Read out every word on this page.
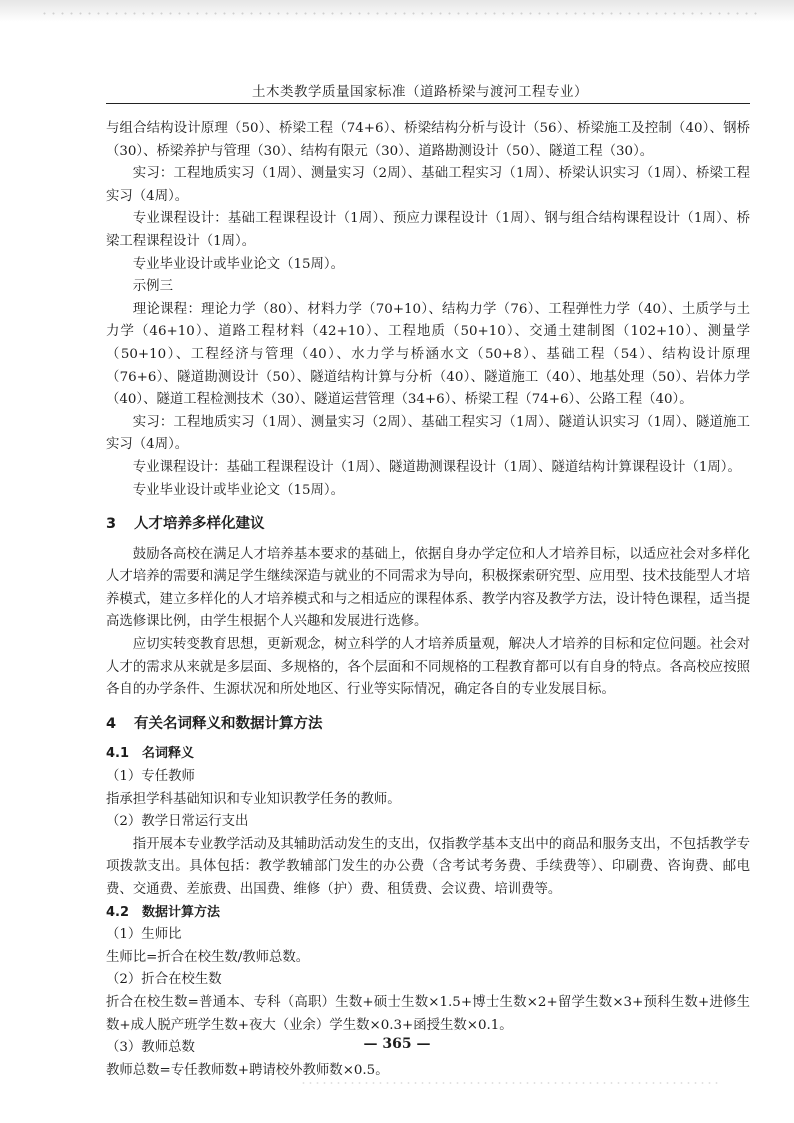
土木类教学质量国家标准（道路桥梁与渡河工程专业）

与组合结构设计原理（50）、桥梁工程（74+6）、桥梁结构分析与设计（56）、桥梁施工及控制（40）、钢桥（30）、桥梁养护与管理（30）、结构有限元（30）、道路勘测设计（50）、隧道工程（30）。

实习：工程地质实习（1周）、测量实习（2周）、基础工程实习（1周）、桥梁认识实习（1周）、桥梁工程实习（4周）。

专业课程设计：基础工程课程设计（1周）、预应力课程设计（1周）、钢与组合结构课程设计（1周）、桥梁工程课程设计（1周）。

专业毕业设计或毕业论文（15周）。

示例三

理论课程：理论力学（80）、材料力学（70+10）、结构力学（76）、工程弹性力学（40）、土质学与土力学（46+10）、道路工程材料（42+10）、工程地质（50+10）、交通土建制图（102+10）、测量学（50+10）、工程经济与管理（40）、水力学与桥涵水文（50+8）、基础工程（54）、结构设计原理（76+6）、隧道勘测设计（50）、隧道结构计算与分析（40）、隧道施工（40）、地基处理（50）、岩体力学（40）、隧道工程检测技术（30）、隧道运营管理（34+6）、桥梁工程（74+6）、公路工程（40）。

实习：工程地质实习（1周）、测量实习（2周）、基础工程实习（1周）、隧道认识实习（1周）、隧道施工实习（4周）。

专业课程设计：基础工程课程设计（1周）、隧道勘测课程设计（1周）、隧道结构计算课程设计（1周）。

专业毕业设计或毕业论文（15周）。

3 人才培养多样化建议

鼓励各高校在满足人才培养基本要求的基础上，依据自身办学定位和人才培养目标，以适应社会对多样化人才培养的需要和满足学生继续深造与就业的不同需求为导向，积极探索研究型、应用型、技术技能型人才培养模式，建立多样化的人才培养模式和与之相适应的课程体系、教学内容及教学方法，设计特色课程，适当提高选修课比例，由学生根据个人兴趣和发展进行选修。

应切实转变教育思想，更新观念，树立科学的人才培养质量观，解决人才培养的目标和定位问题。社会对人才的需求从来就是多层面、多规格的，各个层面和不同规格的工程教育都可以有自身的特点。各高校应按照各自的办学条件、生源状况和所处地区、行业等实际情况，确定各自的专业发展目标。

4 有关名词释义和数据计算方法

4.1 名词释义

（1）专任教师

指承担学科基础知识和专业知识教学任务的教师。

（2）教学日常运行支出

指开展本专业教学活动及其辅助活动发生的支出，仅指教学基本支出中的商品和服务支出，不包括教学专项拨款支出。具体包括：教学教辅部门发生的办公费（含考试考务费、手续费等）、印刷费、咨询费、邮电费、交通费、差旅费、出国费、维修（护）费、租赁费、会议费、培训费等。

4.2 数据计算方法

（1）生师比

生师比=折合在校生数/教师总数。

（2）折合在校生数

折合在校生数=普通本、专科（高职）生数+硕士生数×1.5+博士生数×2+留学生数×3+预科生数+进修生数+成人脱产班学生数+夜大（业余）学生数×0.3+函授生数×0.1。

（3）教师总数

教师总数=专任教师数+聘请校外教师数×0.5。

— 365 —
